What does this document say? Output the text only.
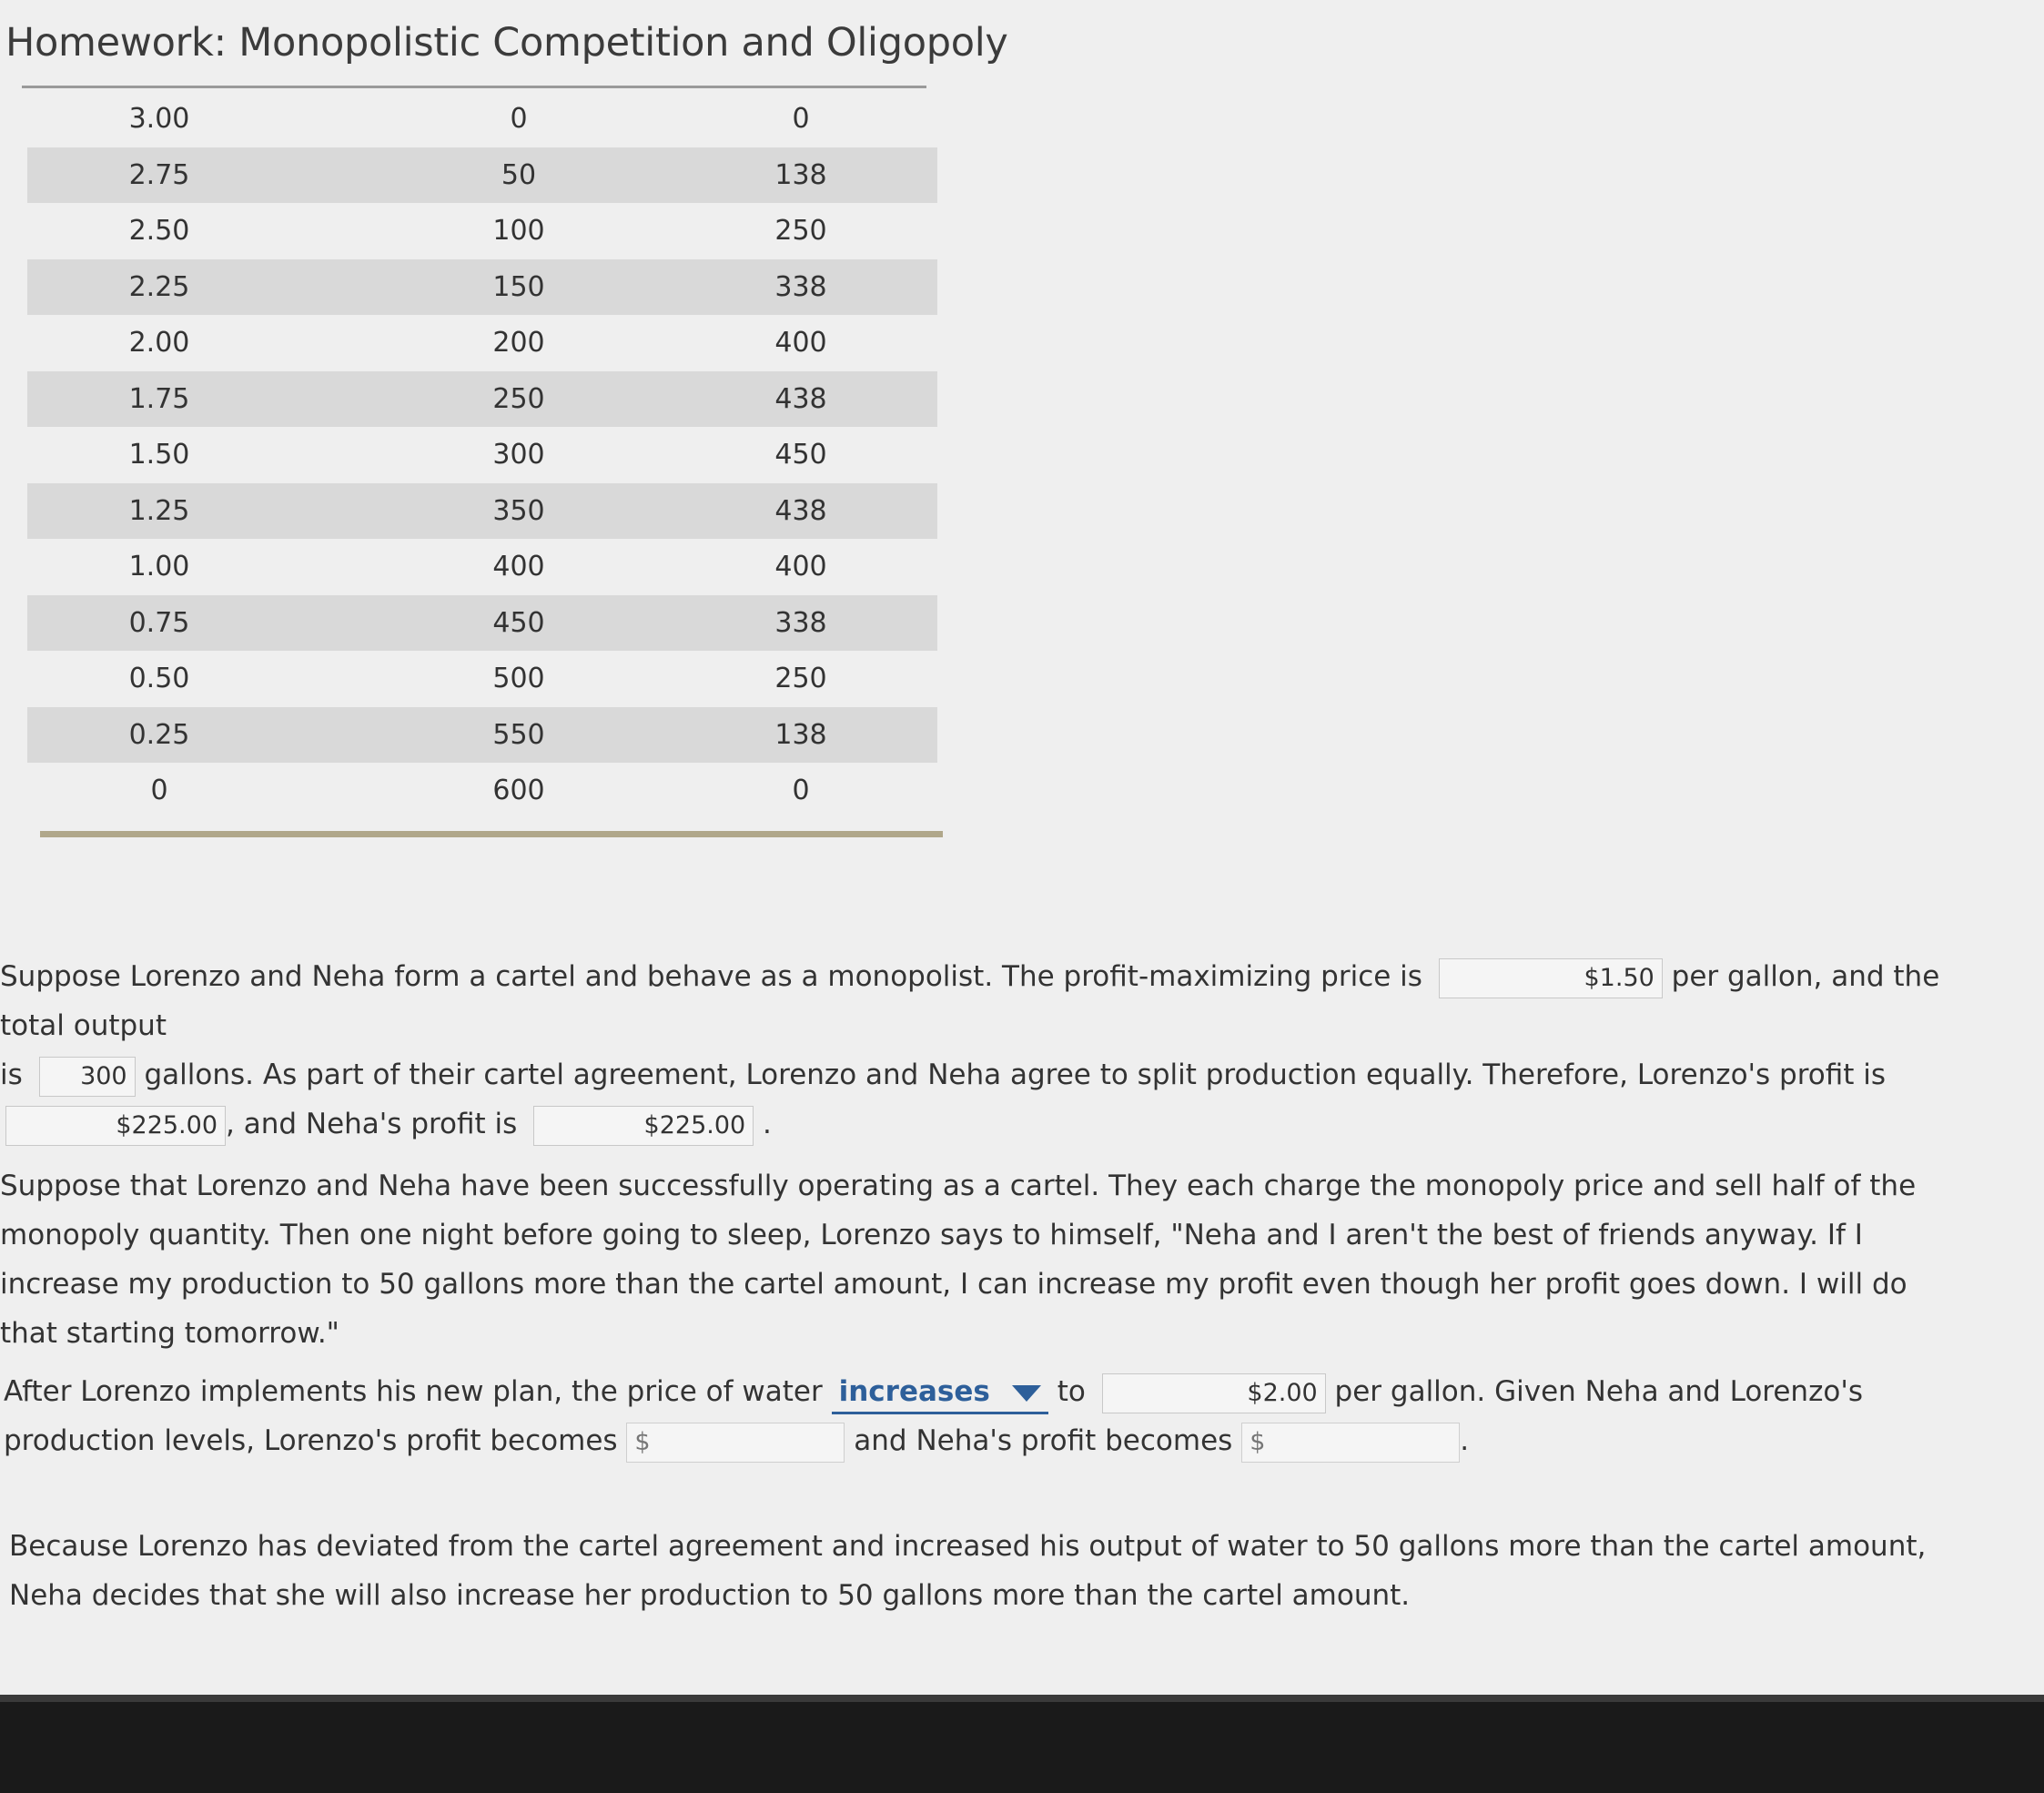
Homework: Monopolistic Competition and Oligopoly
3.00	0	0
2.75	50	138
2.50	100	250
2.25	150	338
2.00	200	400
1.75	250	438
1.50	300	450
1.25	350	438
1.00	400	400
0.75	450	338
0.50	500	250
0.25	550	138
0	600	0
Suppose Lorenzo and Neha form a cartel and behave as a monopolist. The profit-maximizing price is	$1.50 per gallon, and the total output
is 300 gallons. As part of their cartel agreement, Lorenzo and Neha agree to split production equally. Therefore, Lorenzo's profit is
$225.00 , and Neha's profit is	$225.00 .
Suppose that Lorenzo and Neha have been successfully operating as a cartel. They each charge the monopoly price and sell half of the monopoly quantity. Then one night before going to sleep, Lorenzo says to himself, "Neha and I aren't the best of friends anyway. If I increase my production to 50 gallons more than the cartel amount, I can increase my profit even though her profit goes down. I will do that starting tomorrow."
After Lorenzo implements his new plan, the price of water increases to	$2.00 per gallon. Given Neha and Lorenzo's production levels, Lorenzo's profit becomes $	and Neha's profit becomes $	.
Because Lorenzo has deviated from the cartel agreement and increased his output of water to 50 gallons more than the cartel amount, Neha decides that she will also increase her production to 50 gallons more than the cartel amount.
